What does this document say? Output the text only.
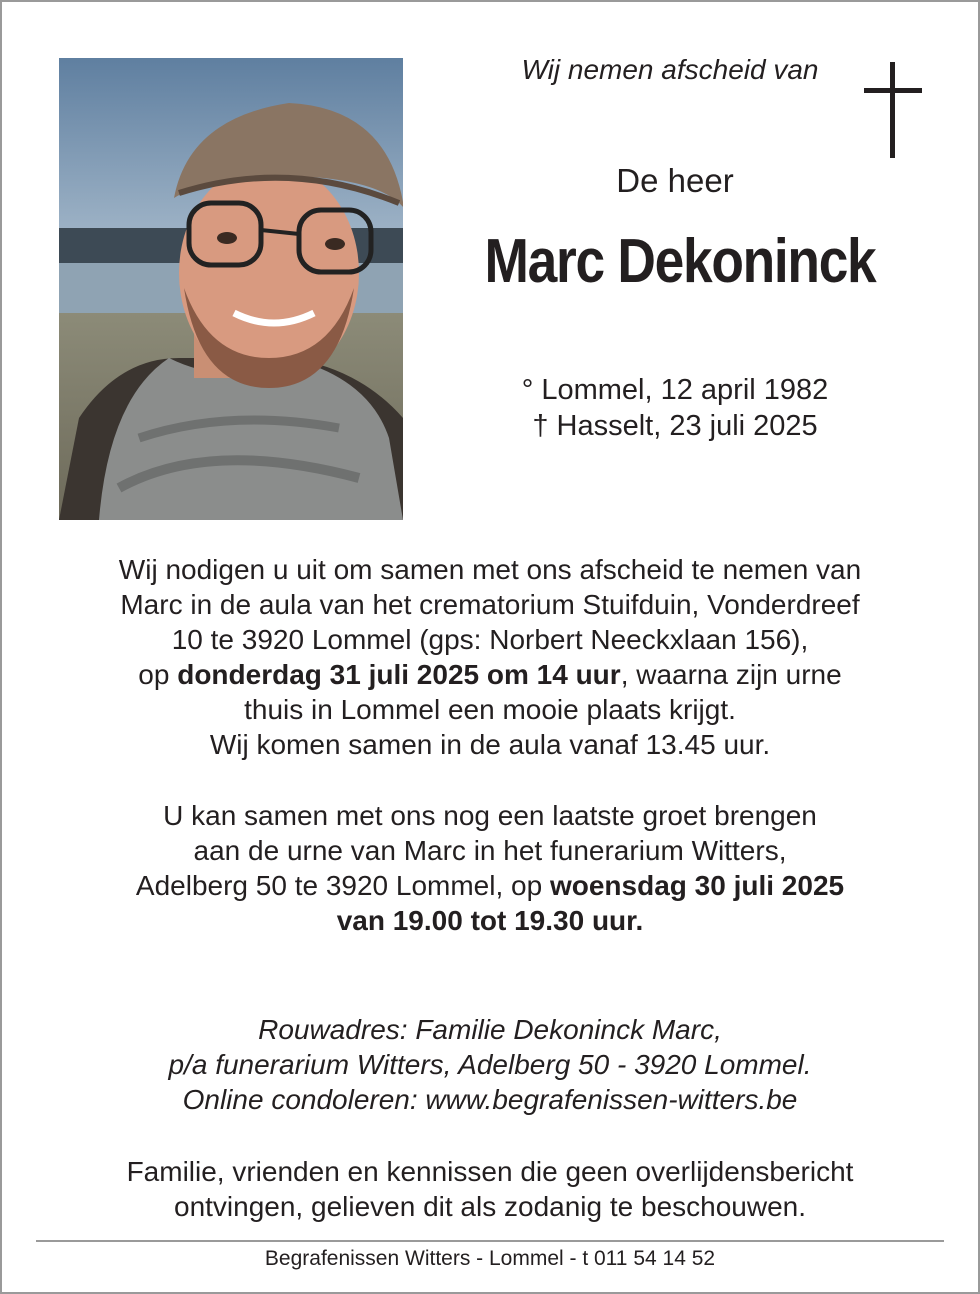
Wij nemen afscheid van
De heer
Marc Dekoninck
° Lommel, 12 april 1982
† Hasselt, 23 juli 2025
Wij nodigen u uit om samen met ons afscheid te nemen van
Marc in de aula van het crematorium Stuifduin, Vonderdreef
10 te 3920 Lommel (gps: Norbert Neeckxlaan 156),
op donderdag 31 juli 2025 om 14 uur, waarna zijn urne
thuis in Lommel een mooie plaats krijgt.
Wij komen samen in de aula vanaf 13.45 uur.
U kan samen met ons nog een laatste groet brengen
aan de urne van Marc in het funerarium Witters,
Adelberg 50 te 3920 Lommel, op woensdag 30 juli 2025
van 19.00 tot 19.30 uur.
Rouwadres: Familie Dekoninck Marc,
p/a funerarium Witters, Adelberg 50 - 3920 Lommel.
Online condoleren: www.begrafenissen-witters.be
Familie, vrienden en kennissen die geen overlijdensbericht
ontvingen, gelieven dit als zodanig te beschouwen.
Begrafenissen Witters - Lommel - t 011 54 14 52
